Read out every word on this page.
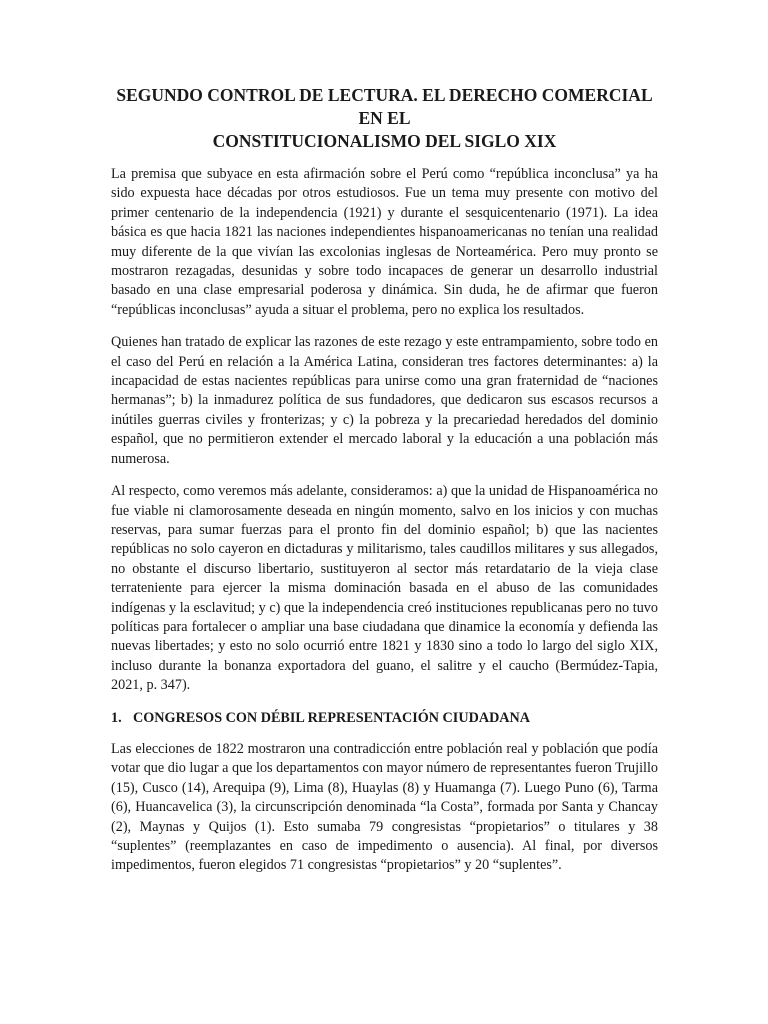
SEGUNDO CONTROL DE LECTURA. EL DERECHO COMERCIAL EN EL
CONSTITUCIONALISMO DEL SIGLO XIX

La premisa que subyace en esta afirmación sobre el Perú como “república inconclusa” ya ha sido expuesta hace décadas por otros estudiosos. Fue un tema muy presente con motivo del primer centenario de la independencia (1921) y durante el sesquicentenario (1971). La idea básica es que hacia 1821 las naciones independientes hispanoamericanas no tenían una realidad muy diferente de la que vivían las excolonias inglesas de Norteamérica. Pero muy pronto se mostraron rezagadas, desunidas y sobre todo incapaces de generar un desarrollo industrial basado en una clase empresarial poderosa y dinámica. Sin duda, he de afirmar que fueron “repúblicas inconclusas” ayuda a situar el problema, pero no explica los resultados.

Quienes han tratado de explicar las razones de este rezago y este entrampamiento, sobre todo en el caso del Perú en relación a la América Latina, consideran tres factores determinantes: a) la incapacidad de estas nacientes repúblicas para unirse como una gran fraternidad de “naciones hermanas”; b) la inmadurez política de sus fundadores, que dedicaron sus escasos recursos a inútiles guerras civiles y fronterizas; y c) la pobreza y la precariedad heredados del dominio español, que no permitieron extender el mercado laboral y la educación a una población más numerosa.

Al respecto, como veremos más adelante, consideramos: a) que la unidad de Hispanoamérica no fue viable ni clamorosamente deseada en ningún momento, salvo en los inicios y con muchas reservas, para sumar fuerzas para el pronto fin del dominio español; b) que las nacientes repúblicas no solo cayeron en dictaduras y militarismo, tales caudillos militares y sus allegados, no obstante el discurso libertario, sustituyeron al sector más retardatario de la vieja clase terrateniente para ejercer la misma dominación basada en el abuso de las comunidades indígenas y la esclavitud; y c) que la independencia creó instituciones republicanas pero no tuvo políticas para fortalecer o ampliar una base ciudadana que dinamice la economía y defienda las nuevas libertades; y esto no solo ocurrió entre 1821 y 1830 sino a todo lo largo del siglo XIX, incluso durante la bonanza exportadora del guano, el salitre y el caucho (Bermúdez-Tapia, 2021, p. 347).

1. CONGRESOS CON DÉBIL REPRESENTACIÓN CIUDADANA

Las elecciones de 1822 mostraron una contradicción entre población real y población que podía votar que dio lugar a que los departamentos con mayor número de representantes fueron Trujillo (15), Cusco (14), Arequipa (9), Lima (8), Huaylas (8) y Huamanga (7). Luego Puno (6), Tarma (6), Huancavelica (3), la circunscripción denominada “la Costa”, formada por Santa y Chancay (2), Maynas y Quijos (1). Esto sumaba 79 congresistas “propietarios” o titulares y 38 “suplentes” (reemplazantes en caso de impedimento o ausencia). Al final, por diversos impedimentos, fueron elegidos 71 congresistas “propietarios” y 20 “suplentes”.
